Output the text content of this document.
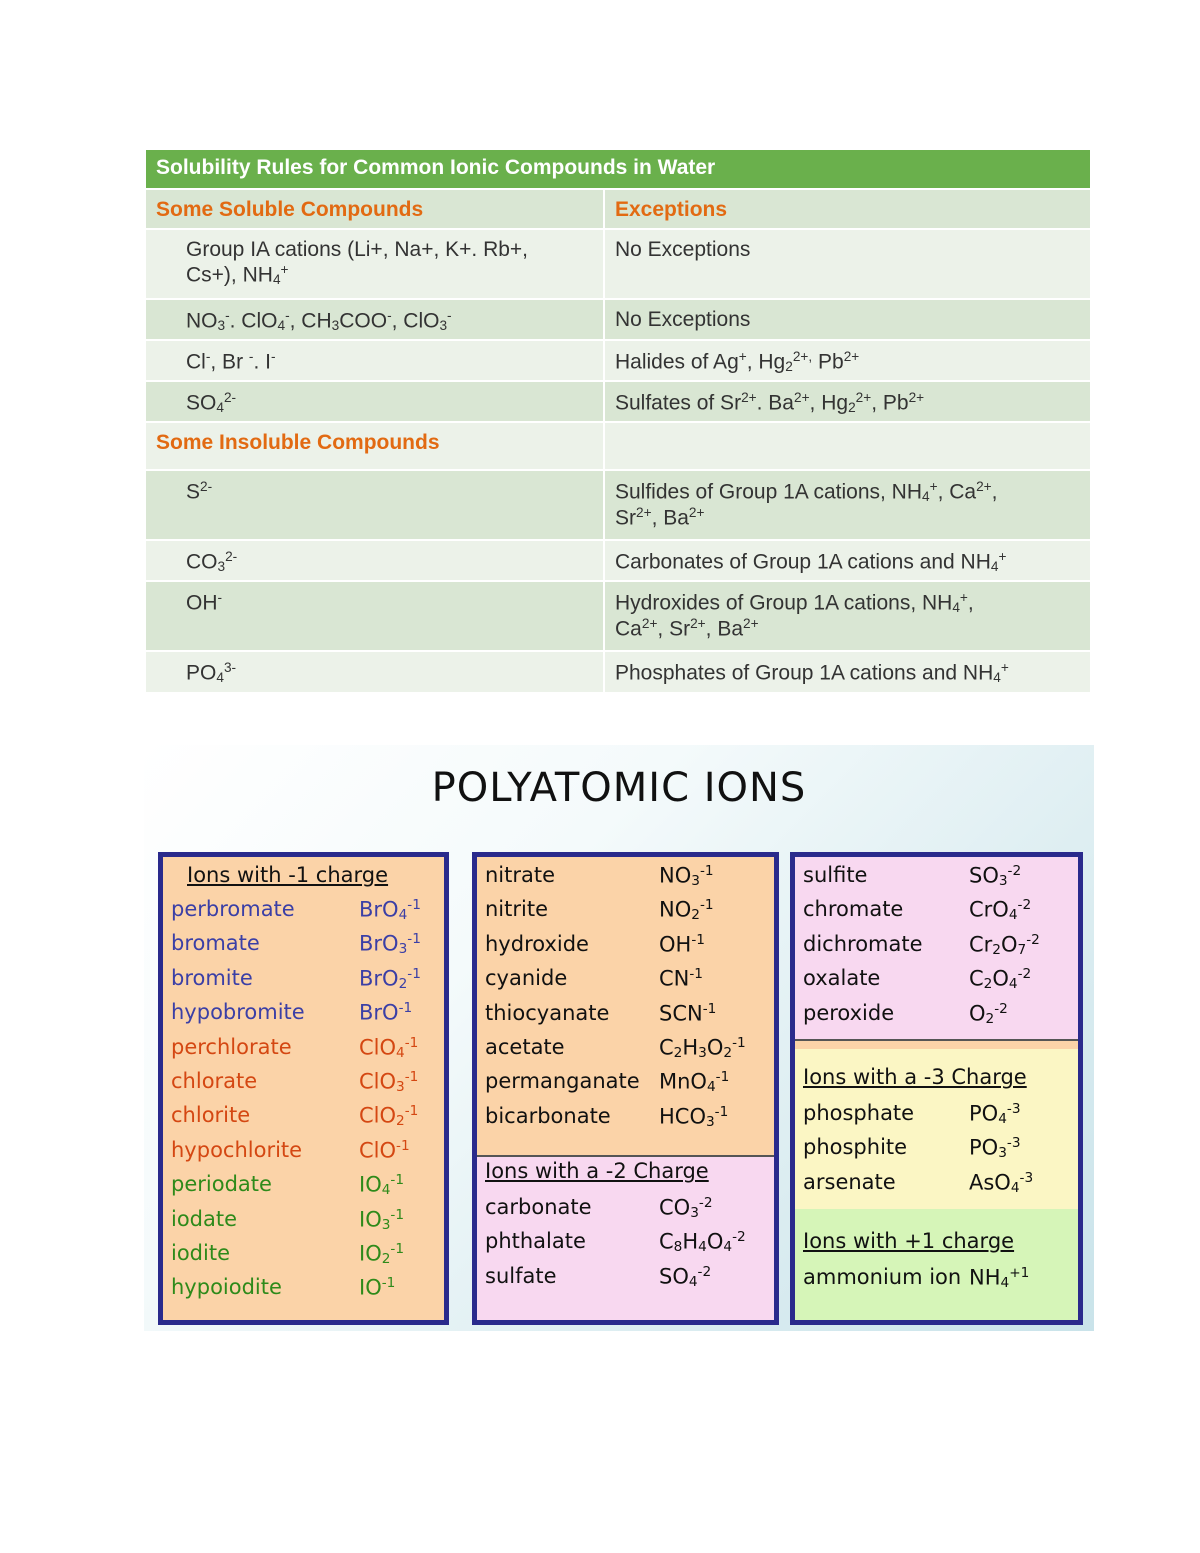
Solubility Rules for Common Ionic Compounds in Water	
Some Soluble Compounds	Exceptions
Group IA cations (Li+, Na+, K+. Rb+,
Cs+), $NH_4^+$	No Exceptions
$NO_3^-$. ClO$_4$-, $CH_3COO^-$, ClO$_3$-	No Exceptions
Cl-, Br -. I-	Halides of Ag+, $Hg_2^{2+,}$ $Pb^{2+}$
$SO_4^{2-}$	Sulfates of $Sr^{2+}$. $Ba^{2+}$, $Hg_2^{2+}$, $Pb^{2+}$
Some Insoluble Compounds	
$S^{2-}$	Sulfides of Group 1A cations, $NH_4^+$, $Ca^{2+}$,
$Sr^{2+}$, $Ba^{2+}$
$CO_3^{2-}$	Carbonates of Group 1A cations and $NH_4^+$
OH-	Hydroxides of Group 1A cations, $NH_4^+$,
$Ca^{2+}$, $Sr^{2+}$, $Ba^{2+}$
$PO_4^{3-}$	Phosphates of Group 1A cations and $NH_4^+$
POLYATOMIC IONS
Ions with -1 charge
perbromate	BrO$_4^{-1}$
bromate	BrO$_3^{-1}$
bromite	BrO$_2^{-1}$
hypobromite	BrO$^{-1}$
perchlorate	ClO$_4^{-1}$
chlorate	ClO$_3^{-1}$
chlorite	ClO$_2^{-1}$
hypochlorite	ClO$^{-1}$
periodate	$IO_4^{-1}$
iodate	$IO_3^{-1}$
iodite	$IO_2^{-1}$
hypoiodite	$IO^{-1}$
nitrate	$NO_3^{-1}$
nitrite	$NO_2^{-1}$
hydroxide	$OH^{-1}$
cyanide	$CN^{-1}$
thiocyanate $SCN^{-1}$
acetate	$C_2H_3O_2^{-1}$
permanganate MnO$_4^{-1}$
bicarbonate $HCO_3^{-1}$
Ions with a -2 Charge
carbonate	$CO_3^{-2}$
phthalate	$C_8H_4O_4^{-2}$
sulfate	$SO_4^{-2}$
sulfite	$SO_3^{-2}$
chromate	CrO$_4^{-2}$
dichromate $Cr_2O_7^{-2}$
oxalate	$C_2O_4^{-2}$
peroxide	$O_2^{-2}$
Ions with a -3 Charge
phosphate	$PO_4^{-3}$
phosphite	$PO_3^{-3}$
arsenate	AsO$_4^{-3}$
Ions with +1 charge
ammonium ion $NH_4^{+1}$
